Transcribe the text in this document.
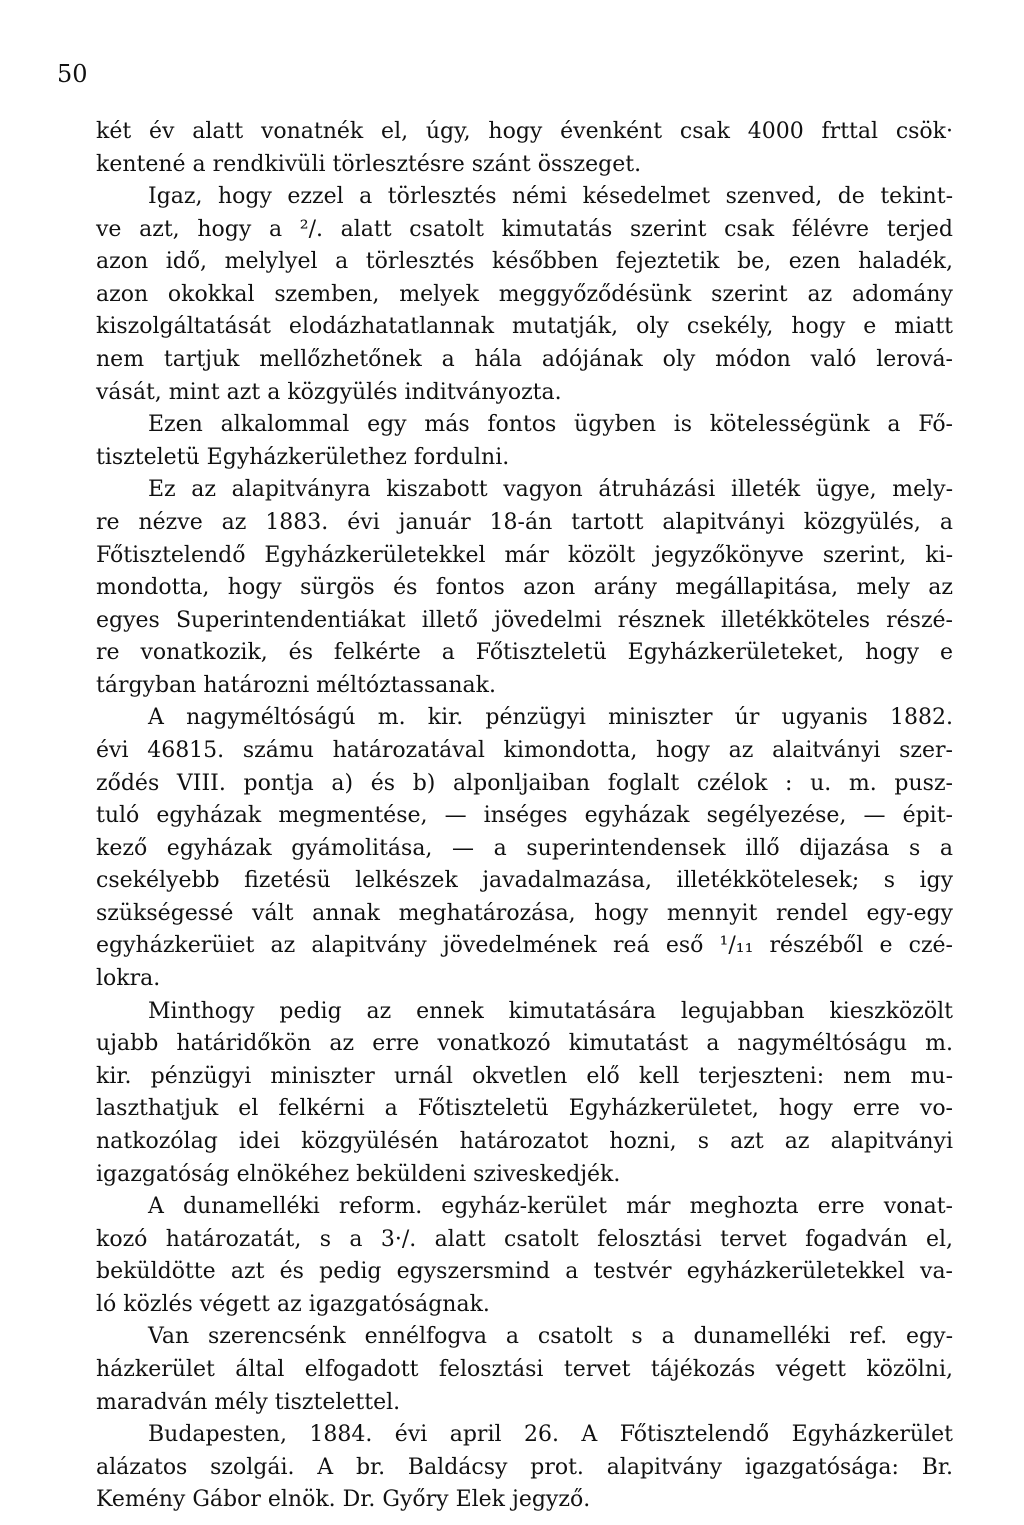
50
két év alatt vonatnék el, úgy, hogy évenként csak 4000 frttal csök·
kentené a rendkivüli törlesztésre szánt összeget.
Igaz, hogy ezzel a törlesztés némi késedelmet szenved, de tekint-
ve azt, hogy a ²/. alatt csatolt kimutatás szerint csak félévre terjed
azon idő, melylyel a törlesztés későbben fejeztetik be, ezen haladék,
azon okokkal szemben, melyek meggyőződésünk szerint az adomány
kiszolgáltatását elodázhatatlannak mutatják, oly csekély, hogy e miatt
nem tartjuk mellőzhetőnek a hála adójának oly módon való lerová-
vását, mint azt a közgyülés inditványozta.
Ezen alkalommal egy más fontos ügyben is kötelességünk a Fő-
tiszteletü Egyházkerülethez fordulni.
Ez az alapitványra kiszabott vagyon átruházási illeték ügye, mely-
re nézve az 1883. évi január 18-án tartott alapitványi közgyülés, a
Főtisztelendő Egyházkerületekkel már közölt jegyzőkönyve szerint, ki-
mondotta, hogy sürgös és fontos azon arány megállapitása, mely az
egyes Superintendentiákat illető jövedelmi résznek illetékköteles részé-
re vonatkozik, és felkérte a Főtiszteletü Egyházkerületeket, hogy e
tárgyban határozni méltóztassanak.
A nagyméltóságú m. kir. pénzügyi miniszter úr ugyanis 1882.
évi 46815. számu határozatával kimondotta, hogy az alaitványi szer-
ződés VIII. pontja a) és b) alponljaiban foglalt czélok : u. m. pusz-
tuló egyházak megmentése, — inséges egyházak segélyezése, — épit-
kező egyházak gyámolitása, — a superintendensek illő dijazása s a
csekélyebb fizetésü lelkészek javadalmazása, illetékkötelesek; s igy
szükségessé vált annak meghatározása, hogy mennyit rendel egy-egy
egyházkerüiet az alapitvány jövedelmének reá eső ¹/₁₁ részéből e czé-
lokra.
Minthogy pedig az ennek kimutatására legujabban kieszközölt
ujabb határidőkön az erre vonatkozó kimutatást a nagyméltóságu m.
kir. pénzügyi miniszter urnál okvetlen elő kell terjeszteni: nem mu-
laszthatjuk el felkérni a Főtiszteletü Egyházkerületet, hogy erre vo-
natkozólag idei közgyülésén határozatot hozni, s azt az alapitványi
igazgatóság elnökéhez beküldeni sziveskedjék.
A dunamelléki reform. egyház-kerület már meghozta erre vonat-
kozó határozatát, s a 3·/. alatt csatolt felosztási tervet fogadván el,
beküldötte azt és pedig egyszersmind a testvér egyházkerületekkel va-
ló közlés végett az igazgatóságnak.
Van szerencsénk ennélfogva a csatolt s a dunamelléki ref. egy-
házkerület által elfogadott felosztási tervet tájékozás végett közölni,
maradván mély tisztelettel.
Budapesten, 1884. évi april 26. A Főtisztelendő Egyházkerület
alázatos szolgái. A br. Baldácsy prot. alapitvány igazgatósága: Br.
Kemény Gábor elnök. Dr. Győry Elek jegyző.
